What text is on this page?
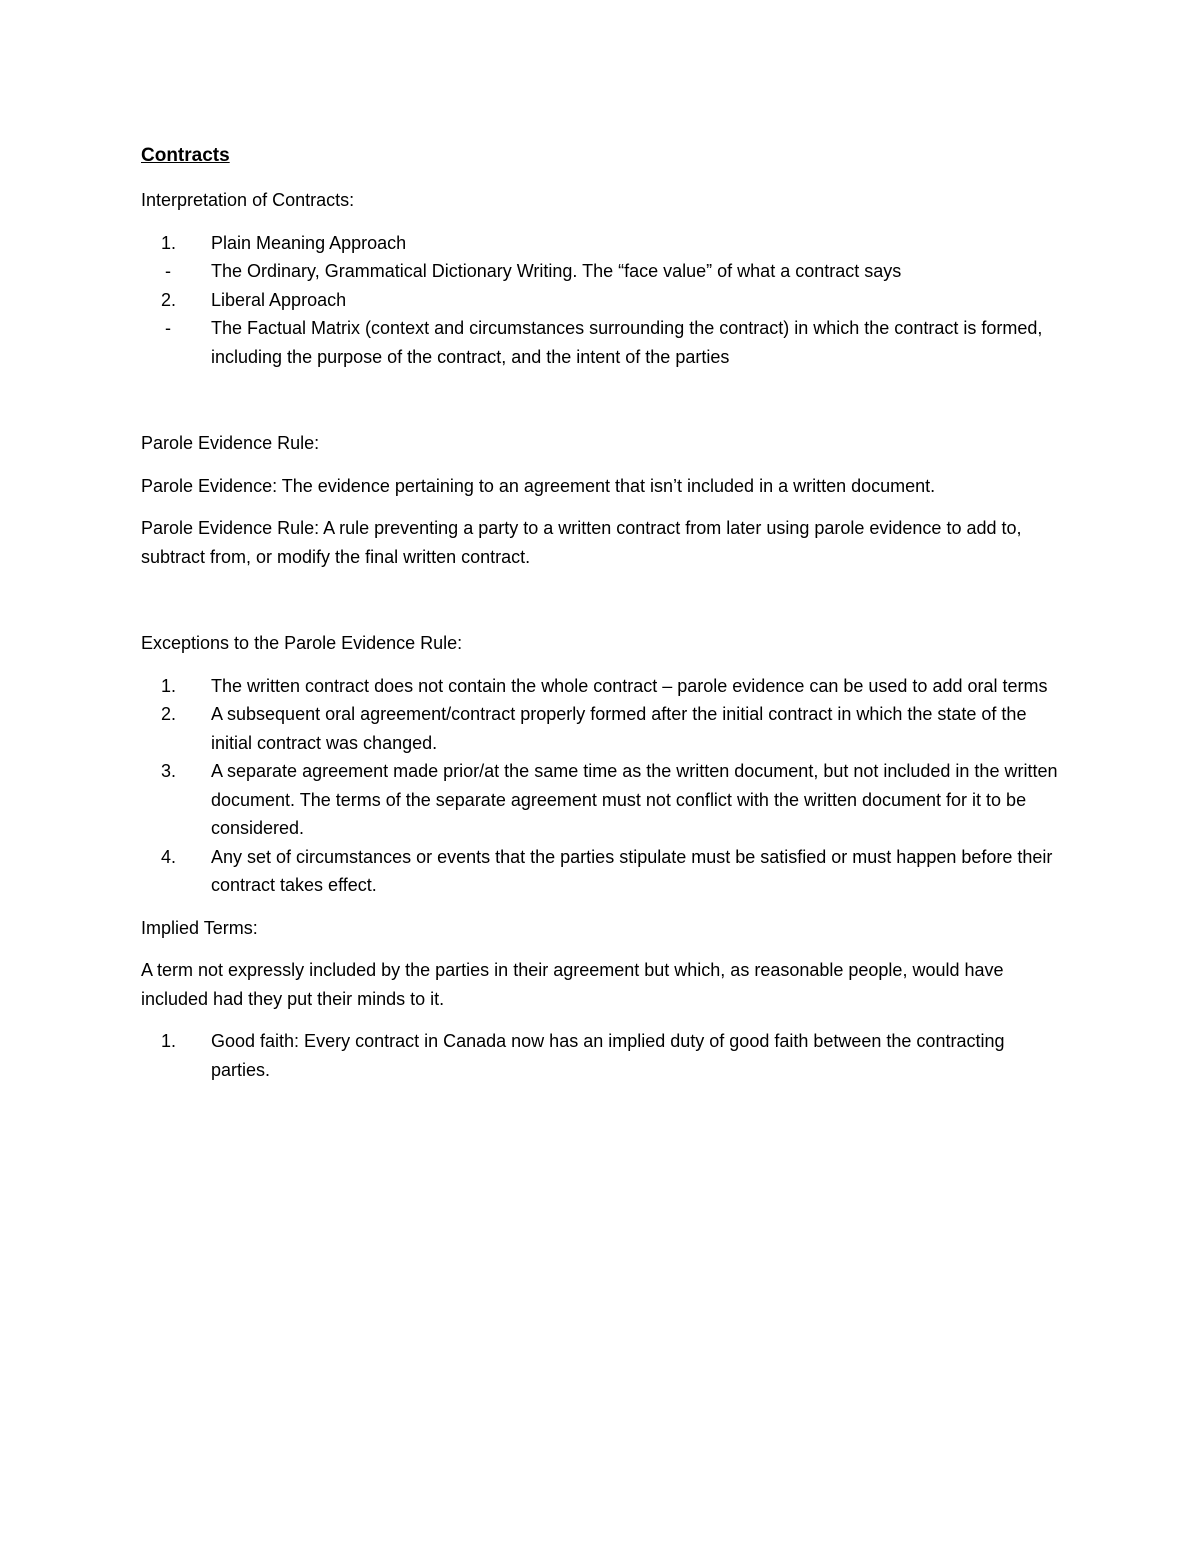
Contracts
Interpretation of Contracts:
1.	Plain Meaning Approach
-	The Ordinary, Grammatical Dictionary Writing. The “face value” of what a contract says
2.	Liberal Approach
-	The Factual Matrix (context and circumstances surrounding the contract) in which the contract is formed, including the purpose of the contract, and the intent of the parties
Parole Evidence Rule:
Parole Evidence: The evidence pertaining to an agreement that isn’t included in a written document.
Parole Evidence Rule: A rule preventing a party to a written contract from later using parole evidence to add to, subtract from, or modify the final written contract.
Exceptions to the Parole Evidence Rule:
1.	The written contract does not contain the whole contract – parole evidence can be used to add oral terms
2.	A subsequent oral agreement/contract properly formed after the initial contract in which the state of the initial contract was changed.
3.	A separate agreement made prior/at the same time as the written document, but not included in the written document. The terms of the separate agreement must not conflict with the written document for it to be considered.
4.	Any set of circumstances or events that the parties stipulate must be satisfied or must happen before their contract takes effect.
Implied Terms:
A term not expressly included by the parties in their agreement but which, as reasonable people, would have included had they put their minds to it.
1.	Good faith: Every contract in Canada now has an implied duty of good faith between the contracting parties.
